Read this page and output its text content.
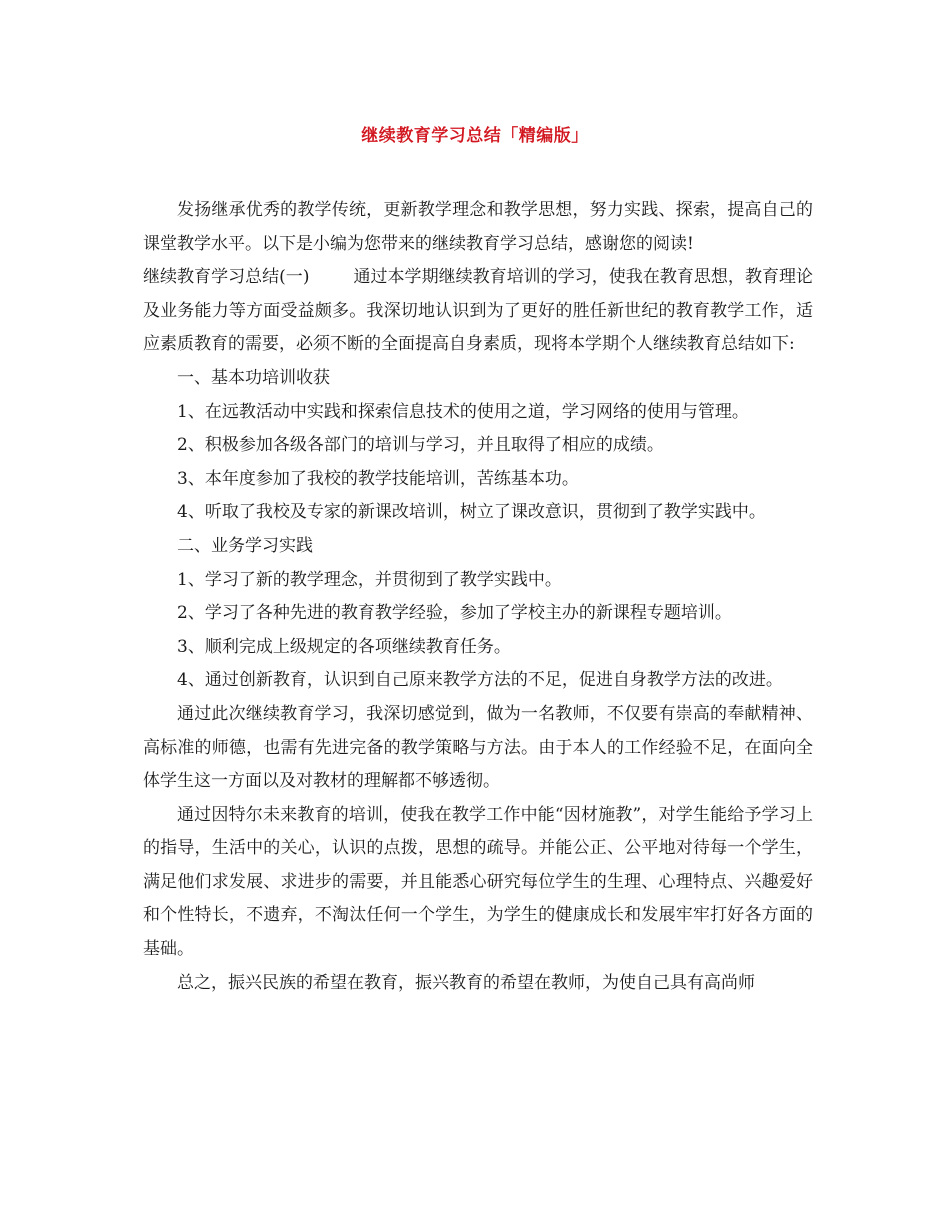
继续教育学习总结「精编版」

发扬继承优秀的教学传统，更新教学理念和教学思想，努力实践、探索，提高自己的课堂教学水平。以下是小编为您带来的继续教育学习总结，感谢您的阅读!

继续教育学习总结(一)	通过本学期继续教育培训的学习，使我在教育思想，教育理论及业务能力等方面受益颇多。我深切地认识到为了更好的胜任新世纪的教育教学工作，适应素质教育的需要，必须不断的全面提高自身素质，现将本学期个人继续教育总结如下:

一、基本功培训收获

1、在远教活动中实践和探索信息技术的使用之道，学习网络的使用与管理。

2、积极参加各级各部门的培训与学习，并且取得了相应的成绩。

3、本年度参加了我校的教学技能培训，苦练基本功。

4、听取了我校及专家的新课改培训，树立了课改意识，贯彻到了教学实践中。

二、业务学习实践

1、学习了新的教学理念，并贯彻到了教学实践中。

2、学习了各种先进的教育教学经验，参加了学校主办的新课程专题培训。

3、顺利完成上级规定的各项继续教育任务。

4、通过创新教育，认识到自己原来教学方法的不足，促进自身教学方法的改进。

通过此次继续教育学习，我深切感觉到，做为一名教师，不仅要有崇高的奉献精神、高标准的师德，也需有先进完备的教学策略与方法。由于本人的工作经验不足，在面向全体学生这一方面以及对教材的理解都不够透彻。

通过因特尔未来教育的培训，使我在教学工作中能“因材施教”，对学生能给予学习上的指导，生活中的关心，认识的点拨，思想的疏导。并能公正、公平地对待每一个学生，满足他们求发展、求进步的需要，并且能悉心研究每位学生的生理、心理特点、兴趣爱好和个性特长，不遗弃，不淘汰任何一个学生，为学生的健康成长和发展牢牢打好各方面的基础。

总之，振兴民族的希望在教育，振兴教育的希望在教师，为使自己具有高尚师
